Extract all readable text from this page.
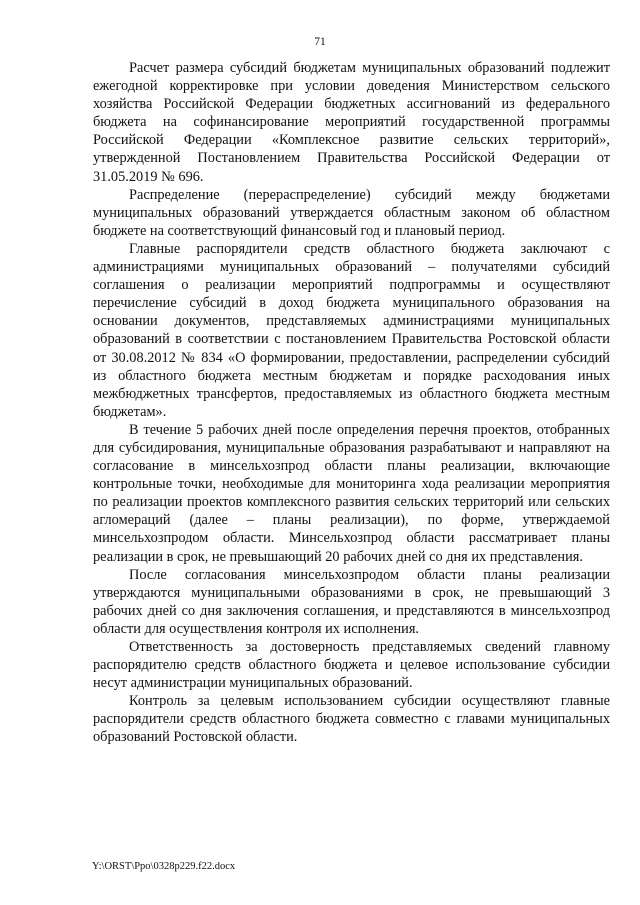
71

Расчет размера субсидий бюджетам муниципальных образований подлежит ежегодной корректировке при условии доведения Министерством сельского хозяйства Российской Федерации бюджетных ассигнований из федерального бюджета на софинансирование мероприятий государственной программы Российской Федерации «Комплексное развитие сельских территорий», утвержденной Постановлением Правительства Российской Федерации от 31.05.2019 № 696.

Распределение (перераспределение) субсидий между бюджетами муниципальных образований утверждается областным законом об областном бюджете на соответствующий финансовый год и плановый период.

Главные распорядители средств областного бюджета заключают с администрациями муниципальных образований – получателями субсидий соглашения о реализации мероприятий подпрограммы и осуществляют перечисление субсидий в доход бюджета муниципального образования на основании документов, представляемых администрациями муниципальных образований в соответствии с постановлением Правительства Ростовской области от 30.08.2012 № 834 «О формировании, предоставлении, распределении субсидий из областного бюджета местным бюджетам и порядке расходования иных межбюджетных трансфертов, предоставляемых из областного бюджета местным бюджетам».

В течение 5 рабочих дней после определения перечня проектов, отобранных для субсидирования, муниципальные образования разрабатывают и направляют на согласование в минсельхозпрод области планы реализации, включающие контрольные точки, необходимые для мониторинга хода реализации мероприятия по реализации проектов комплексного развития сельских территорий или сельских агломераций (далее – планы реализации), по форме, утверждаемой минсельхозпродом области. Минсельхозпрод области рассматривает планы реализации в срок, не превышающий 20 рабочих дней со дня их представления.

После согласования минсельхозпродом области планы реализации утверждаются муниципальными образованиями в срок, не превышающий 3 рабочих дней со дня заключения соглашения, и представляются в минсельхозпрод области для осуществления контроля их исполнения.

Ответственность за достоверность представляемых сведений главному распорядителю средств областного бюджета и целевое использование субсидии несут администрации муниципальных образований.

Контроль за целевым использованием субсидии осуществляют главные распорядители средств областного бюджета совместно с главами муниципальных образований Ростовской области.

Y:\ORST\Ppo\0328p229.f22.docx
